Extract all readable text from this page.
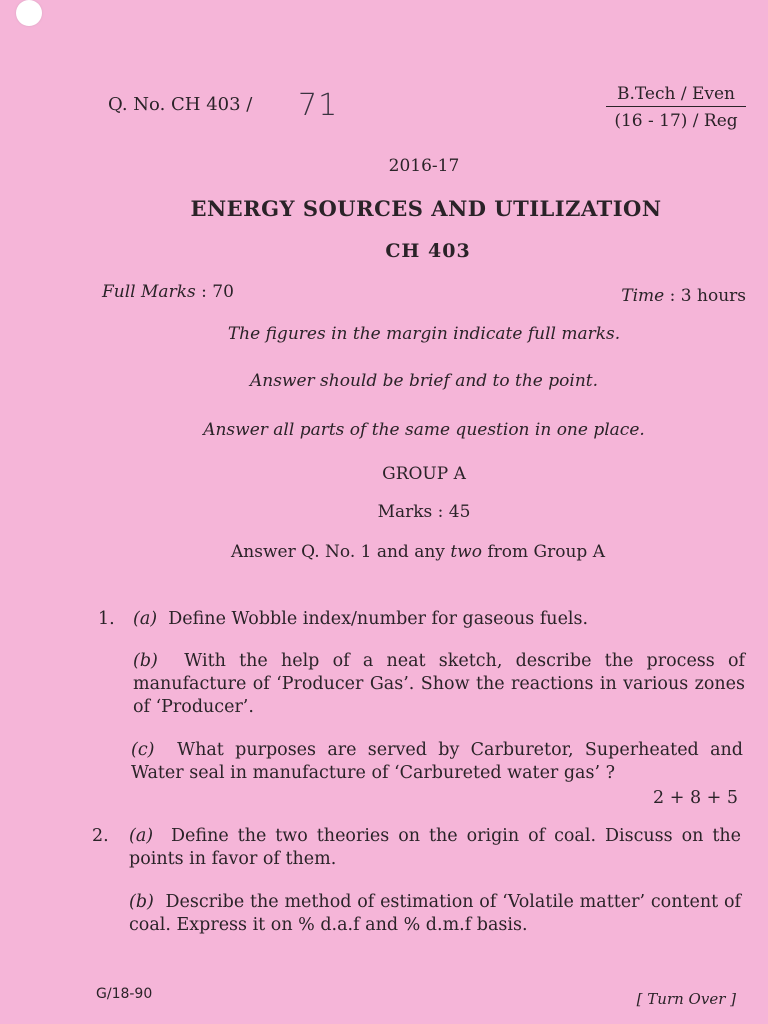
Q. No. CH 403 / 71	B.Tech / Even
(16 - 17) / Reg
2016-17
ENERGY SOURCES AND UTILIZATION
CH 403
Full Marks : 70	Time : 3 hours
The figures in the margin indicate full marks.
Answer should be brief and to the point.
Answer all parts of the same question in one place.
GROUP A
Marks : 45
Answer Q. No. 1 and any two from Group A
1. (a) Define Wobble index/number for gaseous fuels.
(b) With the help of a neat sketch, describe the process of manufacture of ‘Producer Gas’. Show the reactions in various zones of ‘Producer’.
(c) What purposes are served by Carburetor, Superheated and Water seal in manufacture of ‘Carbureted water gas’ ?
2 + 8 + 5
2. (a) Define the two theories on the origin of coal. Discuss on the points in favor of them.
(b) Describe the method of estimation of ‘Volatile matter’ content of coal. Express it on % d.a.f and % d.m.f basis.
G/18-90	[ Turn Over ]
